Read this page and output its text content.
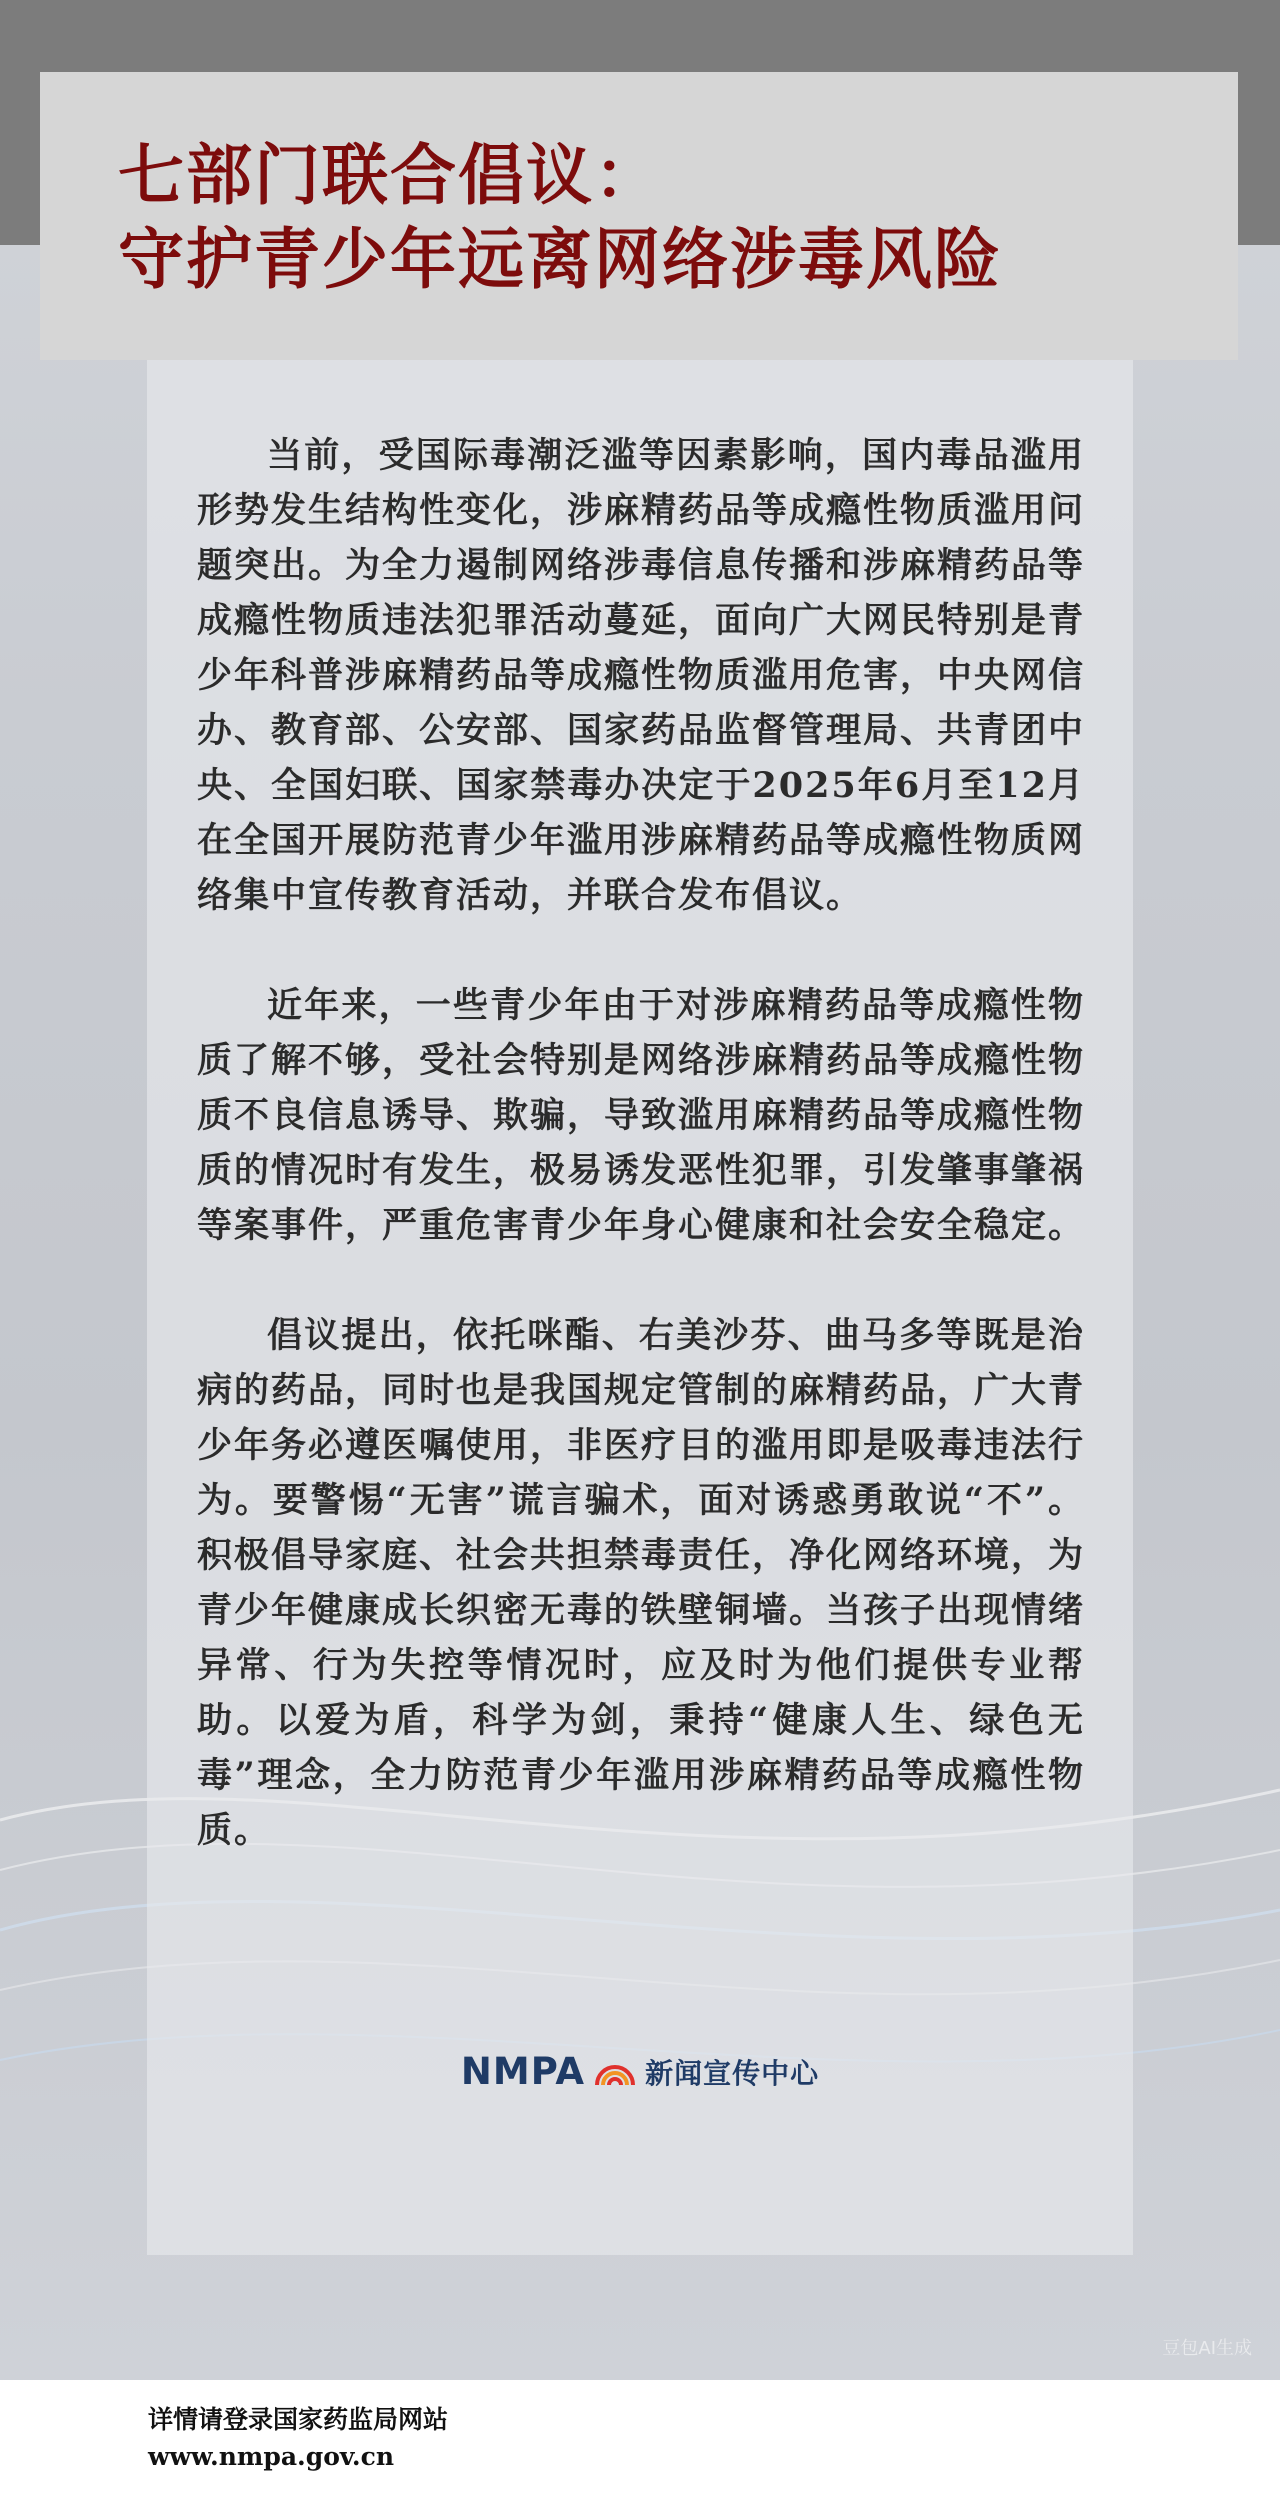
七部门联合倡议：
守护青少年远离网络涉毒风险

当前，受国际毒潮泛滥等因素影响，国内毒品滥用形势发生结构性变化，涉麻精药品等成瘾性物质滥用问题突出。为全力遏制网络涉毒信息传播和涉麻精药品等成瘾性物质违法犯罪活动蔓延，面向广大网民特别是青少年科普涉麻精药品等成瘾性物质滥用危害，中央网信办、教育部、公安部、国家药品监督管理局、共青团中央、全国妇联、国家禁毒办决定于2025年6月至12月在全国开展防范青少年滥用涉麻精药品等成瘾性物质网络集中宣传教育活动，并联合发布倡议。

近年来，一些青少年由于对涉麻精药品等成瘾性物质了解不够，受社会特别是网络涉麻精药品等成瘾性物质不良信息诱导、欺骗，导致滥用麻精药品等成瘾性物质的情况时有发生，极易诱发恶性犯罪，引发肇事肇祸等案事件，严重危害青少年身心健康和社会安全稳定。

倡议提出，依托咪酯、右美沙芬、曲马多等既是治病的药品，同时也是我国规定管制的麻精药品，广大青少年务必遵医嘱使用，非医疗目的滥用即是吸毒违法行为。要警惕“无害”谎言骗术，面对诱惑勇敢说“不”。积极倡导家庭、社会共担禁毒责任，净化网络环境，为青少年健康成长织密无毒的铁壁铜墙。当孩子出现情绪异常、行为失控等情况时，应及时为他们提供专业帮助。以爱为盾，科学为剑，秉持“健康人生、绿色无毒”理念，全力防范青少年滥用涉麻精药品等成瘾性物质。

NMPA 新闻宣传中心
豆包AI生成
详情请登录国家药监局网站
www.nmpa.gov.cn
